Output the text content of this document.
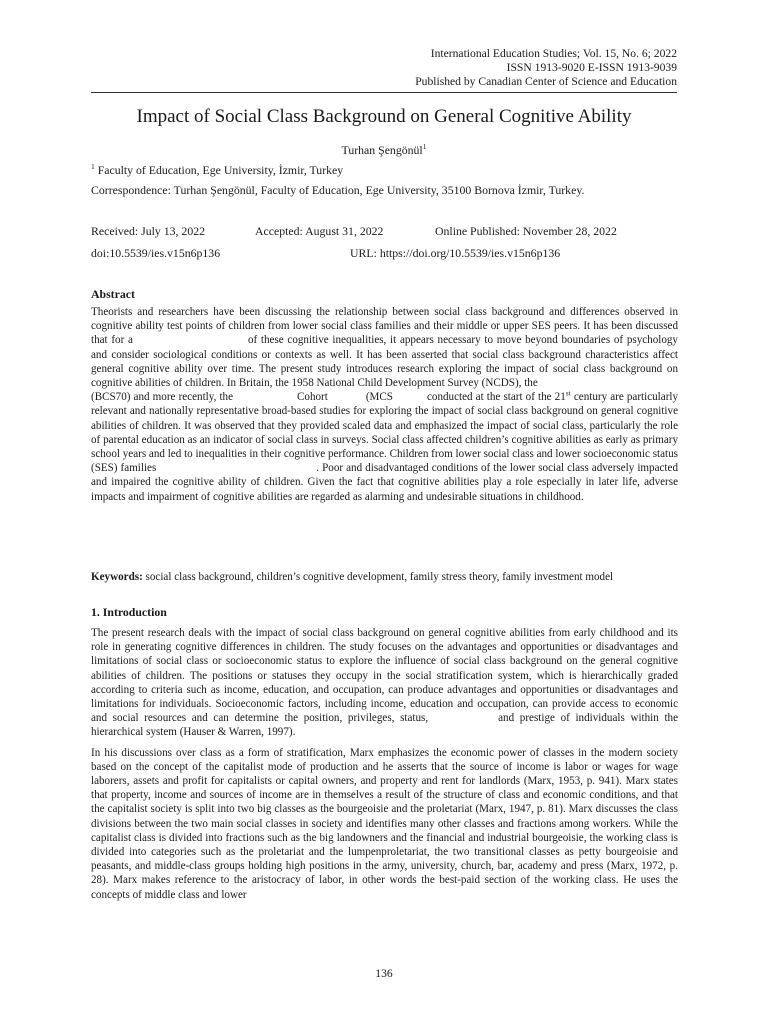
International Education Studies; Vol. 15, No. 6; 2022
ISSN 1913-9020 E-ISSN 1913-9039
Published by Canadian Center of Science and Education
Impact of Social Class Background on General Cognitive Ability
Turhan Şengönül$^1$
$^1$ Faculty of Education, Ege University, İzmir, Turkey
Correspondence: Turhan Şengönül, Faculty of Education, Ege University, 35100 Bornova İzmir, Turkey.
Received: July 13, 2022	Accepted: August 31, 2022	Online Published: November 28, 2022
doi:10.5539/ies.v15n6p136	URL: https://doi.org/10.5539/ies.v15n6p136
Abstract

Theorists and researchers have been discussing the relationship between social class background and differences observed in cognitive ability test points of children from lower social class families and their middle or upper SES peers. It has been discussed that for a	of these cognitive inequalities, it appears necessary to move beyond boundaries of psychology and consider sociological conditions or contexts as well. It has been asserted that social class background characteristics affect general cognitive ability over time. The present study introduces research exploring the impact of social class background on cognitive abilities of children. In Britain, the 1958 National Child Development Survey (NCDS), the
(BCS70) and more recently, the	Cohort	(MCS	conducted at the start of the 21st century are particularly relevant and nationally representative broad-based studies for exploring the impact of social class background on general cognitive abilities of children. It was observed that they provided scaled data and emphasized the impact of social class, particularly the role of parental education as an indicator of social class in surveys. Social class affected children’s cognitive abilities as early as primary school years and led to inequalities in their cognitive performance. Children from lower social class and lower socioeconomic status (SES) families	. Poor and disadvantaged conditions of the lower social class adversely impacted and impaired the cognitive ability of children. Given the fact that cognitive abilities play a role especially in later life, adverse impacts and impairment of cognitive abilities are regarded as alarming and undesirable situations in childhood.

Keywords: social class background, children’s cognitive development, family stress theory, family investment model
1. Introduction

The present research deals with the impact of social class background on general cognitive abilities from early childhood and its role in generating cognitive differences in children. The study focuses on the advantages and opportunities or disadvantages and limitations of social class or socioeconomic status to explore the influence of social class background on the general cognitive abilities of children. The positions or statuses they occupy in the social stratification system, which is hierarchically graded according to criteria such as income, education, and occupation, can produce advantages and opportunities or disadvantages and limitations for individuals. Socioeconomic factors, including income, education and occupation, can provide access to economic and social resources and can determine the position, privileges, status,	and prestige of individuals within the hierarchical system (Hauser & Warren, 1997).

In his discussions over class as a form of stratification, Marx emphasizes the economic power of classes in the modern society based on the concept of the capitalist mode of production and he asserts that the source of income is labor or wages for wage laborers, assets and profit for capitalists or capital owners, and property and rent for landlords (Marx, 1953, p. 941). Marx states that property, income and sources of income are in themselves a result of the structure of class and economic conditions, and that the capitalist society is split into two big classes as the bourgeoisie and the proletariat (Marx, 1947, p. 81). Marx discusses the class divisions between the two main social classes in society and identifies many other classes and fractions among workers. While the capitalist class is divided into fractions such as the big landowners and the financial and industrial bourgeoisie, the working class is divided into categories such as the proletariat and the lumpenproletariat, the two transitional classes as petty bourgeoisie and peasants, and middle-class groups holding high positions in the army, university, church, bar, academy and press (Marx, 1972, p. 28). Marx makes reference to the aristocracy of labor, in other words the best-paid section of the working class. He uses the concepts of middle class and lower

136
